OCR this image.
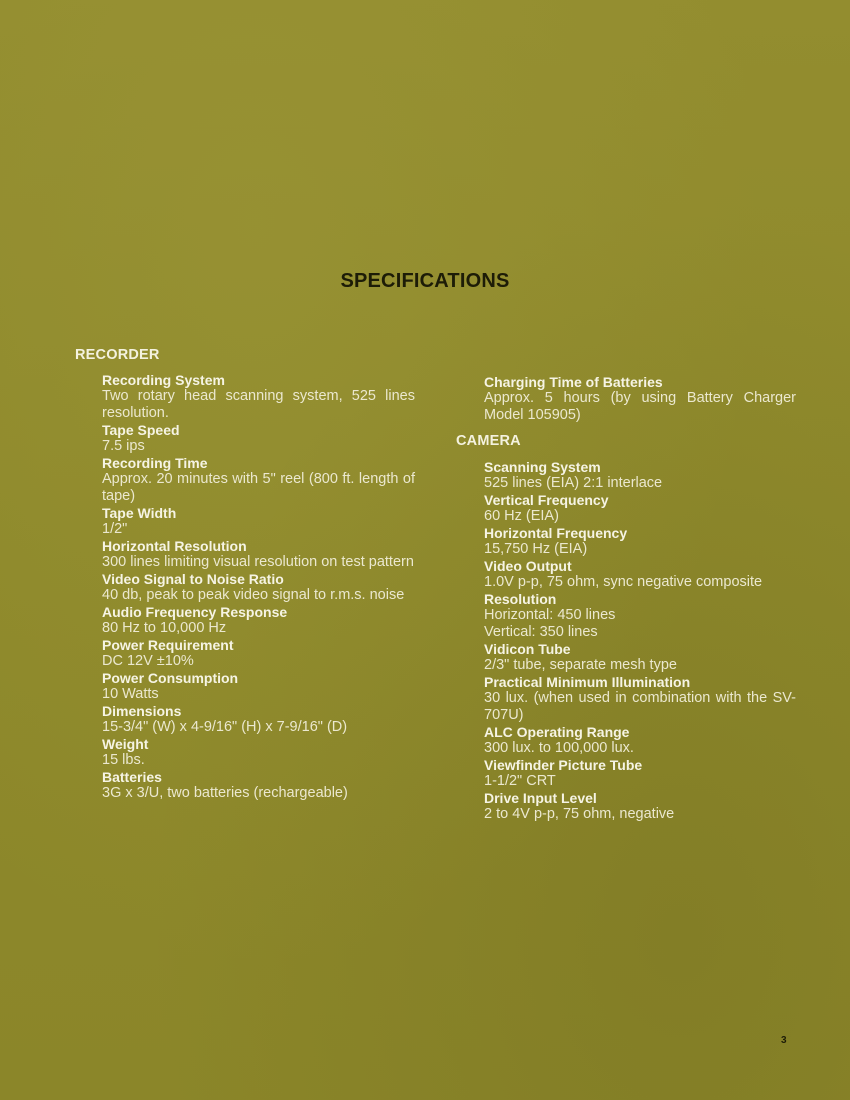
SPECIFICATIONS
RECORDER
Recording System
Two rotary head scanning system, 525 lines resolution.
Tape Speed
7.5 ips
Recording Time
Approx. 20 minutes with 5" reel (800 ft. length of tape)
Tape Width
1/2"
Horizontal Resolution
300 lines limiting visual resolution on test pattern
Video Signal to Noise Ratio
40 db, peak to peak video signal to r.m.s. noise
Audio Frequency Response
80 Hz to 10,000 Hz
Power Requirement
DC 12V ±10%
Power Consumption
10 Watts
Dimensions
15-3/4" (W) x 4-9/16" (H) x 7-9/16" (D)
Weight
15 lbs.
Batteries
3G x 3/U, two batteries (rechargeable)
Charging Time of Batteries
Approx. 5 hours (by using Battery Charger Model 105905)
CAMERA
Scanning System
525 lines (EIA) 2:1 interlace
Vertical Frequency
60 Hz (EIA)
Horizontal Frequency
15,750 Hz (EIA)
Video Output
1.0V p-p, 75 ohm, sync negative composite
Resolution
Horizontal: 450 lines
Vertical: 350 lines
Vidicon Tube
2/3" tube, separate mesh type
Practical Minimum Illumination
30 lux. (when used in combination with the SV-707U)
ALC Operating Range
300 lux. to 100,000 lux.
Viewfinder Picture Tube
1-1/2" CRT
Drive Input Level
2 to 4V p-p, 75 ohm, negative
3
